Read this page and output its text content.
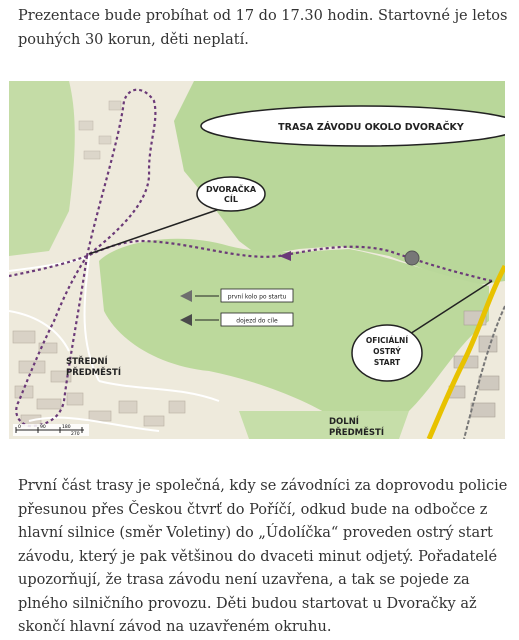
Prezentace bude probíhat od 17 do 17.30 hodin. Startovné je letos pouhých 30 korun, děti neplatí.

TRASA ZÁVODU OKOLO DVORAČKY
DVORAČKA
CÍL
OFICIÁLNÍ
OSTRÝ
START
první kolo po startu
dojezd do cíle
STŘEDNÍ
PŘEDMĚSTÍ
DOLNÍ
PŘEDMĚSTÍ
0	90	180
270

První část trasy je společná, kdy se závodníci za doprovodu policie přesunou přes Českou čtvrť do Poříčí, odkud bude na odbočce z hlavní silnice (směr Voletiny) do „Údolíčka“ proveden ostrý start závodu, který je pak většinou do dvaceti minut odjetý. Pořadatelé upozorňují, že trasa závodu není uzavřena, a tak se pojede za plného silničního provozu. Děti budou startovat u Dvoračky až skončí hlavní závod na uzavřeném okruhu.
